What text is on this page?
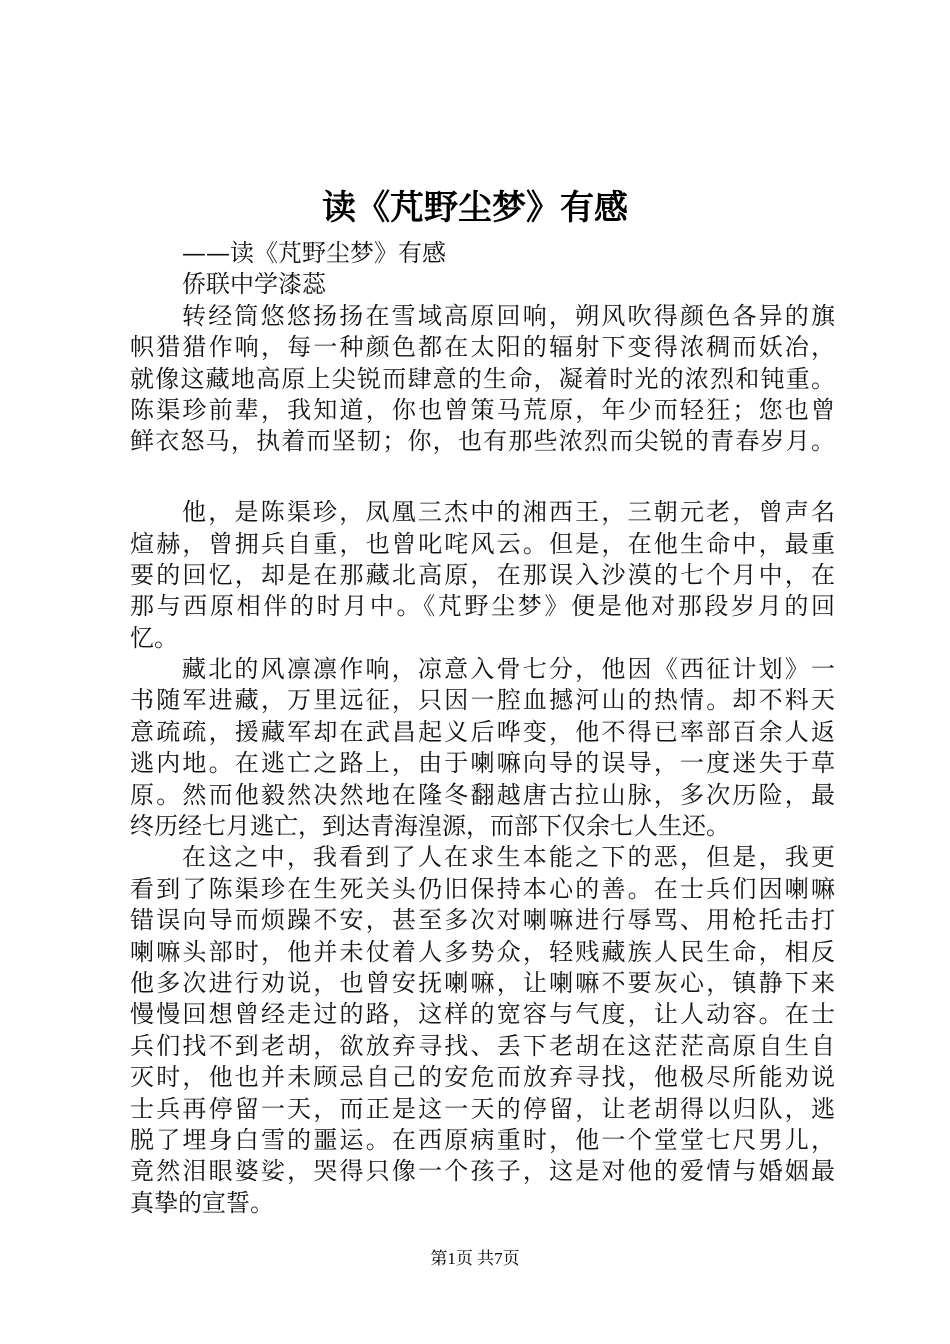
读《芃野尘梦》有感
——读《芃野尘梦》有感
侨联中学漆蕊
转经筒悠悠扬扬在雪域高原回响，朔风吹得颜色各异的旗
帜猎猎作响，每一种颜色都在太阳的辐射下变得浓稠而妖冶，
就像这藏地高原上尖锐而肆意的生命，凝着时光的浓烈和钝重。
陈渠珍前辈，我知道，你也曾策马荒原，年少而轻狂；您也曾
鲜衣怒马，执着而坚韧；你，也有那些浓烈而尖锐的青春岁月。
他，是陈渠珍，凤凰三杰中的湘西王，三朝元老，曾声名
煊赫，曾拥兵自重，也曾叱咤风云。但是，在他生命中，最重
要的回忆，却是在那藏北高原，在那误入沙漠的七个月中，在
那与西原相伴的时月中。《芃野尘梦》便是他对那段岁月的回
忆。
藏北的风凛凛作响，凉意入骨七分，他因《西征计划》一
书随军进藏，万里远征，只因一腔血撼河山的热情。却不料天
意疏疏，援藏军却在武昌起义后哗变，他不得已率部百余人返
逃内地。在逃亡之路上，由于喇嘛向导的误导，一度迷失于草
原。然而他毅然决然地在隆冬翻越唐古拉山脉，多次历险，最
终历经七月逃亡，到达青海湟源，而部下仅余七人生还。
在这之中，我看到了人在求生本能之下的恶，但是，我更
看到了陈渠珍在生死关头仍旧保持本心的善。在士兵们因喇嘛
错误向导而烦躁不安，甚至多次对喇嘛进行辱骂、用枪托击打
喇嘛头部时，他并未仗着人多势众，轻贱藏族人民生命，相反
他多次进行劝说，也曾安抚喇嘛，让喇嘛不要灰心，镇静下来
慢慢回想曾经走过的路，这样的宽容与气度，让人动容。在士
兵们找不到老胡，欲放弃寻找、丢下老胡在这茫茫高原自生自
灭时，他也并未顾忌自己的安危而放弃寻找，他极尽所能劝说
士兵再停留一天，而正是这一天的停留，让老胡得以归队，逃
脱了埋身白雪的噩运。在西原病重时，他一个堂堂七尺男儿，
竟然泪眼婆娑，哭得只像一个孩子，这是对他的爱情与婚姻最
真挚的宣誓。
第1页 共7页
